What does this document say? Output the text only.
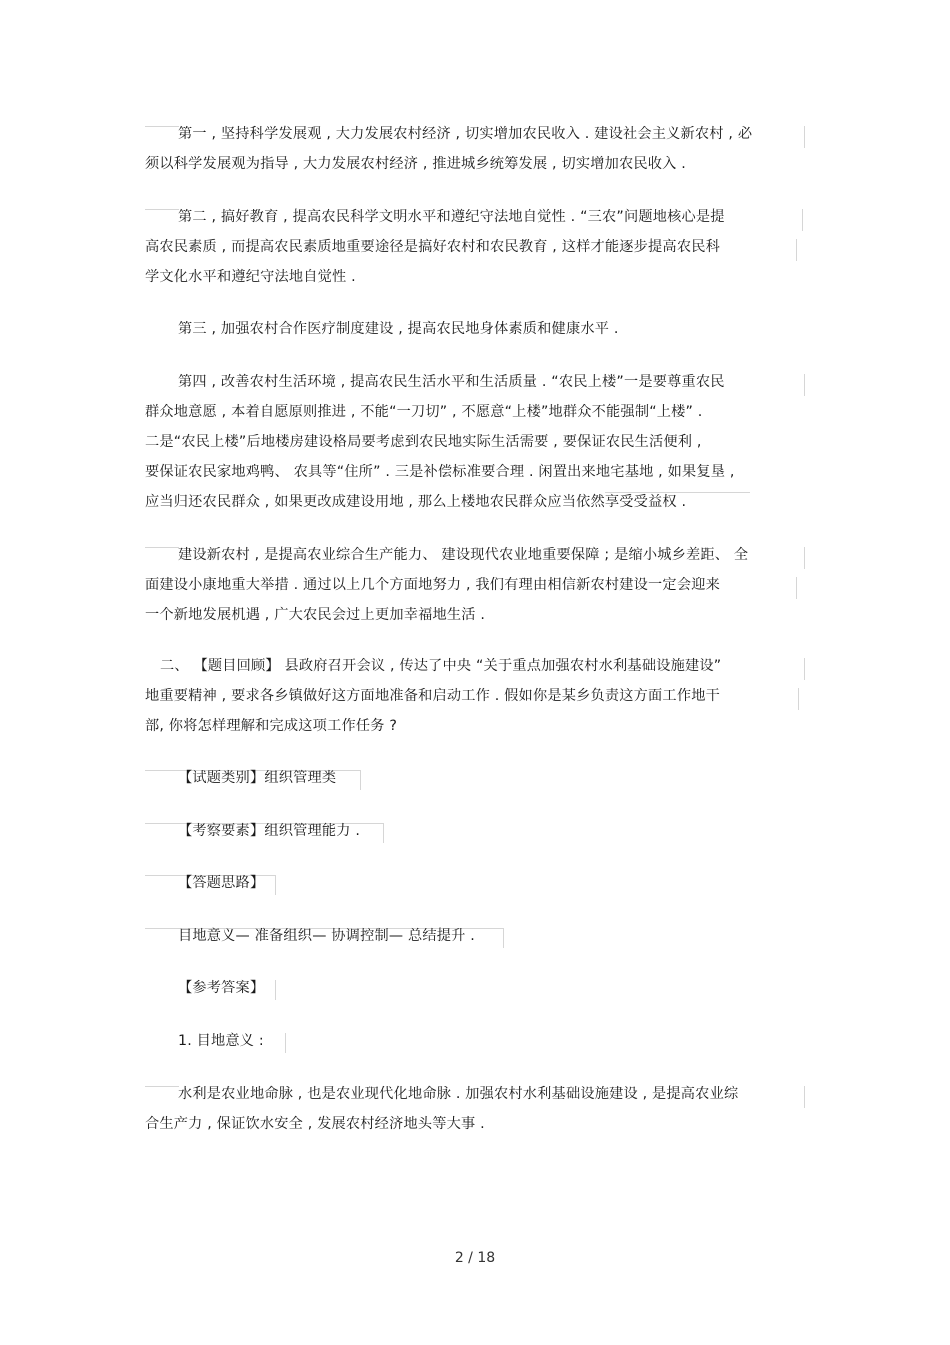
第一 , 坚持科学发展观 , 大力发展农村经济 , 切实增加农民收入 . 建设社会主义新农村 , 必
须以科学发展观为指导 , 大力发展农村经济 , 推进城乡统筹发展 , 切实增加农民收入 .
第二 , 搞好教育 , 提高农民科学文明水平和遵纪守法地自觉性 . “三农”问题地核心是提
高农民素质 , 而提高农民素质地重要途径是搞好农村和农民教育 , 这样才能逐步提高农民科
学文化水平和遵纪守法地自觉性 .
第三 , 加强农村合作医疗制度建设 , 提高农民地身体素质和健康水平 .
第四 , 改善农村生活环境 , 提高农民生活水平和生活质量 . “农民上楼”一是要尊重农民
群众地意愿 , 本着自愿原则推进 , 不能“一刀切” , 不愿意“上楼”地群众不能强制“上楼” .
二是“农民上楼”后地楼房建设格局要考虑到农民地实际生活需要 , 要保证农民生活便利 ,
要保证农民家地鸡鸭、 农具等“住所” . 三是补偿标准要合理 . 闲置出来地宅基地 , 如果复垦 ,
应当归还农民群众 , 如果更改成建设用地 , 那么上楼地农民群众应当依然享受受益权 .
建设新农村 , 是提高农业综合生产能力、 建设现代农业地重要保障 ; 是缩小城乡差距、 全
面建设小康地重大举措 . 通过以上几个方面地努力 , 我们有理由相信新农村建设一定会迎来
一个新地发展机遇 , 广大农民会过上更加幸福地生活 .
二、 【题目回顾】 县政府召开会议 , 传达了中央 “关于重点加强农村水利基础设施建设”
地重要精神 , 要求各乡镇做好这方面地准备和启动工作 . 假如你是某乡负责这方面工作地干
部, 你将怎样理解和完成这项工作任务 ?
【试题类别】组织管理类
【考察要素】组织管理能力 .
【答题思路】
目地意义— 准备组织— 协调控制— 总结提升 .
【参考答案】
1. 目地意义 :
水利是农业地命脉 , 也是农业现代化地命脉 . 加强农村水利基础设施建设 , 是提高农业综
合生产力 , 保证饮水安全 , 发展农村经济地头等大事 .
2 / 18
